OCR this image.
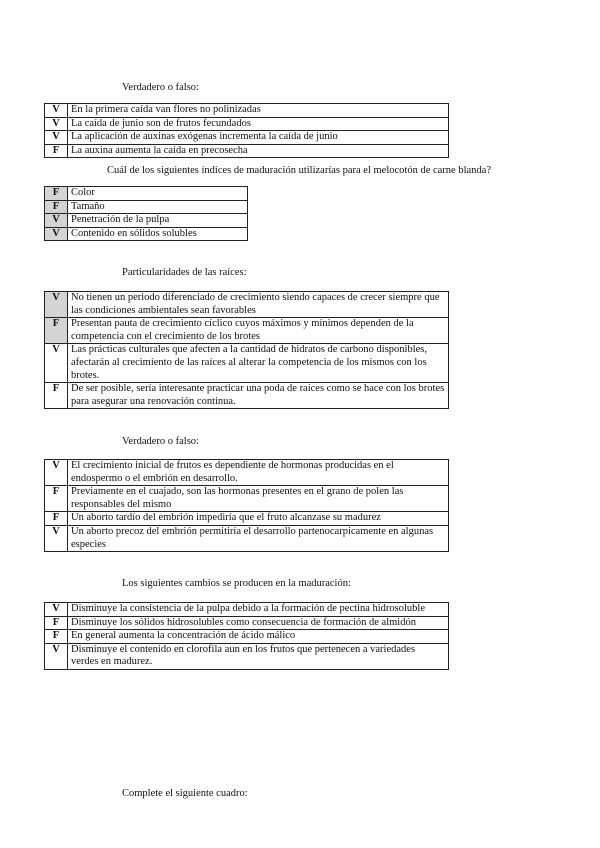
Verdadero o falso:
V	En la primera caída van flores no polinizadas
V	La caída de junio son de frutos fecundados
V	La aplicación de auxinas exógenas incrementa la caída de junio
F	La auxina aumenta la caída en precosecha
Cuál de los siguientes índices de maduración utilizarías para el melocotón de carne blanda?
F	Color
F	Tamaño
V	Penetración de la pulpa
V	Contenido en sólidos solubles
Particularidades de las raíces:
V	No tienen un periodo diferenciado de crecimiento siendo capaces de crecer siempre que las condiciones ambientales sean favorables
F	Presentan pauta de crecimiento cíclico cuyos máximos y mínimos dependen de la competencia con el crecimiento de los brotes
V	Las prácticas culturales que afecten a la cantidad de hidratos de carbono disponibles, afectarán al crecimiento de las raíces al alterar la competencia de los mismos con los brotes.
F	De ser posible, sería interesante practicar una poda de raíces como se hace con los brotes para asegurar una renovación continua.
Verdadero o falso:
V	El crecimiento inicial de frutos es dependiente de hormonas producidas en el endospermo o el embrión en desarrollo.
F	Previamente en el cuajado, son las hormonas presentes en el grano de polen las responsables del mismo
F	Un aborto tardío del embrión impediría que el fruto alcanzase su madurez
V	Un aborto precoz del embrión permitiría el desarrollo partenocarpicamente en algunas especies
Los siguientes cambios se producen en la maduración:
V	Disminuye la consistencia de la pulpa debido a la formación de pectina hidrosoluble
F	Disminuye los sólidos hidrosolubles como consecuencia de formación de almidón
F	En general aumenta la concentración de ácido málico
V	Disminuye el contenido en clorofila aun en los frutos que pertenecen a variedades verdes en madurez.
Complete el siguiente cuadro:
